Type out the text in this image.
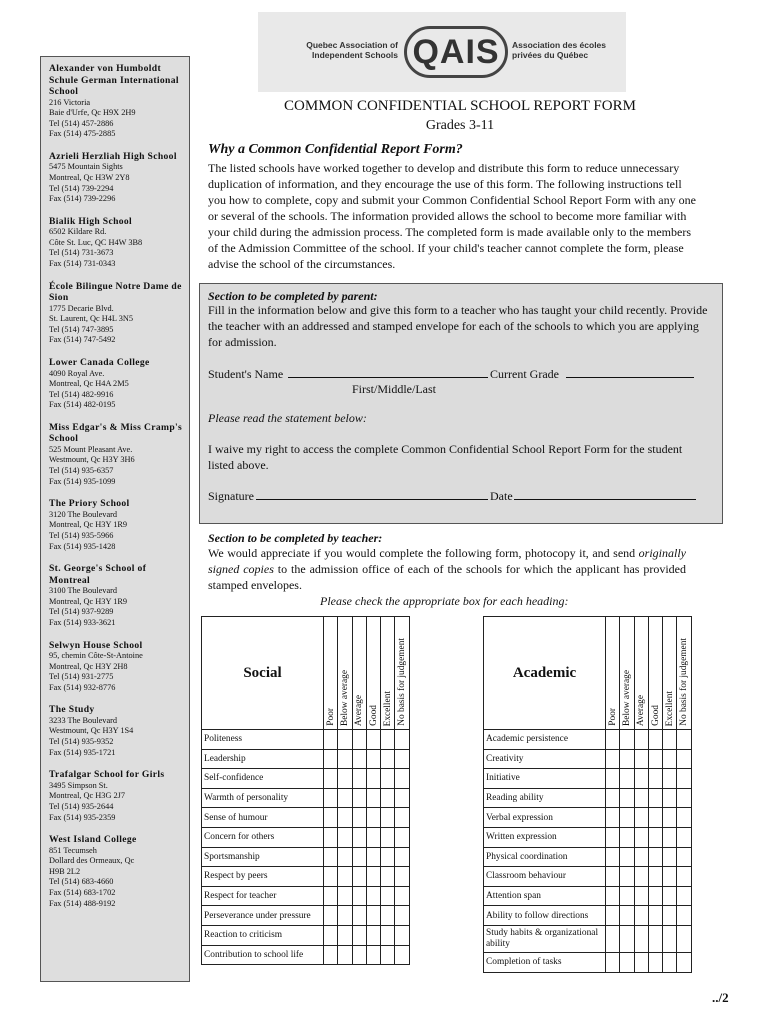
Alexander von Humboldt Schule German International School
216 Victoria
Baie d'Urfe, Qc H9X 2H9
Tel (514) 457-2886
Fax (514) 475-2885
Azrieli Herzliah High School
5475 Mountain Sights
Montreal, Qc H3W 2Y8
Tel (514) 739-2294
Fax (514) 739-2296
Bialik High School
6502 Kildare Rd.
Côte St. Luc, QC H4W 3B8
Tel (514) 731-3673
Fax (514) 731-0343
École Bilingue Notre Dame de Sion
1775 Decarie Blvd.
St. Laurent, Qc H4L 3N5
Tel (514) 747-3895
Fax (514) 747-5492
Lower Canada College
4090 Royal Ave.
Montreal, Qc H4A 2M5
Tel (514) 482-9916
Fax (514) 482-0195
Miss Edgar's & Miss Cramp's School
525 Mount Pleasant Ave.
Westmount, Qc H3Y 3H6
Tel (514) 935-6357
Fax (514) 935-1099
The Priory School
3120 The Boulevard
Montreal, Qc H3Y 1R9
Tel (514) 935-5966
Fax (514) 935-1428
St. George's School of Montreal
3100 The Boulevard
Montreal, Qc H3Y 1R9
Tel (514) 937-9289
Fax (514) 933-3621
Selwyn House School
95, chemin Côte-St-Antoine
Montreal, Qc H3Y 2H8
Tel (514) 931-2775
Fax (514) 932-8776
The Study
3233 The Boulevard
Westmount, Qc H3Y 1S4
Tel (514) 935-9352
Fax (514) 935-1721
Trafalgar School for Girls
3495 Simpson St.
Montreal, Qc H3G 2J7
Tel (514) 935-2644
Fax (514) 935-2359
West Island College
851 Tecumseh
Dollard des Ormeaux, Qc
H9B 2L2
Tel (514) 683-4660
Fax (514) 683-1702
Fax (514) 488-9192
Quebec Association of Independent Schools QAIS	Association des écoles privées du Québec
COMMON CONFIDENTIAL SCHOOL REPORT FORM
Grades 3-11
Why a Common Confidential Report Form?
The listed schools have worked together to develop and distribute this form to reduce unnecessary duplication of information, and they encourage the use of this form. The following instructions tell you how to complete, copy and submit your Common Confidential School Report Form with any one or several of the schools. The information provided allows the school to become more familiar with your child during the admission process. The completed form is made available only to the members of the Admission Committee of the school. If your child's teacher cannot complete the form, please advise the school of the circumstances.
Section to be completed by parent:
Fill in the information below and give this form to a teacher who has taught your child recently. Provide the teacher with an addressed and stamped envelope for each of the schools to which you are applying for admission.
Student's Name	Current Grade
First/Middle/Last
Please read the statement below:
I waive my right to access the complete Common Confidential School Report Form for the student listed above.
Signature	Date
Section to be completed by teacher:
We would appreciate if you would complete the following form, photocopy it, and send originally signed copies to the admission office of each of the schools for which the applicant has provided stamped envelopes.
Please check the appropriate box for each heading:
Social	Poor	Below average	Average	Good	Excellent	No basis for judgement
Politeness						
Leadership						
Self-confidence						
Warmth of personality						
Sense of humour						
Concern for others						
Sportsmanship						
Respect by peers						
Respect for teacher						
Perseverance under pressure						
Reaction to criticism						
Contribution to school life						
Academic	Poor	Below average	Average	Good	Excellent	No basis for judgement
Academic persistence						
Creativity						
Initiative						
Reading ability						
Verbal expression						
Written expression						
Physical coordination						
Classroom behaviour						
Attention span						
Ability to follow directions						
Study habits & organizational ability						
Completion of tasks						
../2
